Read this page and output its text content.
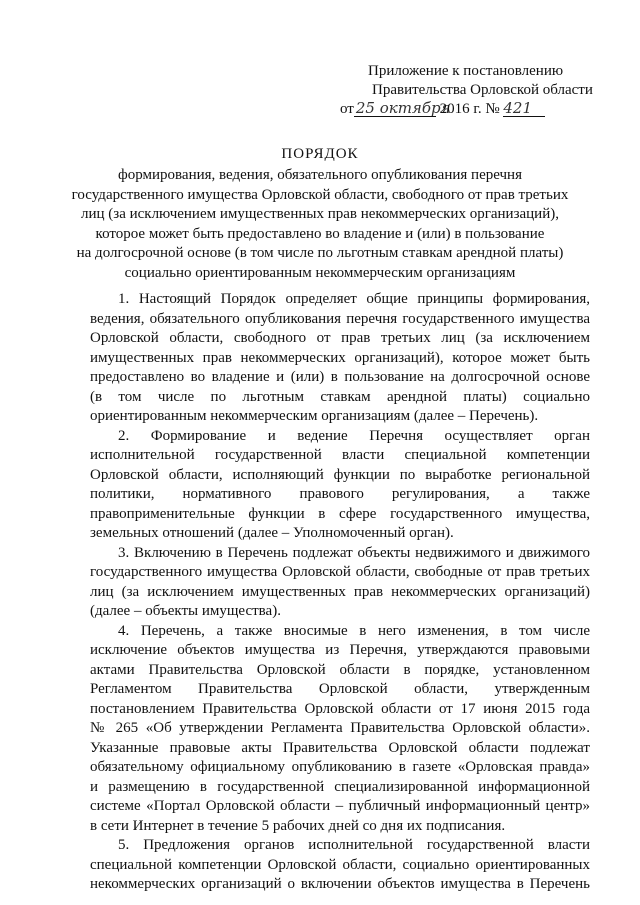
Приложение к постановлению
Правительства Орловской области
от 25 октября 2016 г. № 421
ПОРЯДОК
формирования, ведения, обязательного опубликования перечня
государственного имущества Орловской области, свободного от прав третьих
лиц (за исключением имущественных прав некоммерческих организаций),
которое может быть предоставлено во владение и (или) в пользование
на долгосрочной основе (в том числе по льготным ставкам арендной платы)
социально ориентированным некоммерческим организациям
1. Настоящий Порядок определяет общие принципы формирования,
ведения, обязательного опубликования перечня государственного имущества
Орловской области, свободного от прав третьих лиц (за исключением
имущественных прав некоммерческих организаций), которое может быть
предоставлено во владение и (или) в пользование на долгосрочной основе
(в том числе по льготным ставкам арендной платы) социально
ориентированным некоммерческим организациям (далее – Перечень).
2. Формирование и ведение Перечня осуществляет орган
исполнительной государственной власти специальной компетенции
Орловской области, исполняющий функции по выработке региональной
политики, нормативного правового регулирования, а также
правоприменительные функции в сфере государственного имущества,
земельных отношений (далее – Уполномоченный орган).
3. Включению в Перечень подлежат объекты недвижимого и движимого
государственного имущества Орловской области, свободные от прав третьих
лиц (за исключением имущественных прав некоммерческих организаций)
(далее – объекты имущества).
4. Перечень, а также вносимые в него изменения, в том числе
исключение объектов имущества из Перечня, утверждаются правовыми
актами Правительства Орловской области в порядке, установленном
Регламентом Правительства Орловской области, утвержденным
постановлением Правительства Орловской области от 17 июня 2015 года
№ 265 «Об утверждении Регламента Правительства Орловской области».
Указанные правовые акты Правительства Орловской области подлежат
обязательному официальному опубликованию в газете «Орловская правда»
и размещению в государственной специализированной информационной
системе «Портал Орловской области – публичный информационный центр»
в сети Интернет в течение 5 рабочих дней со дня их подписания.
5. Предложения органов исполнительной государственной власти
специальной компетенции Орловской области, социально ориентированных
некоммерческих организаций о включении объектов имущества в Перечень
